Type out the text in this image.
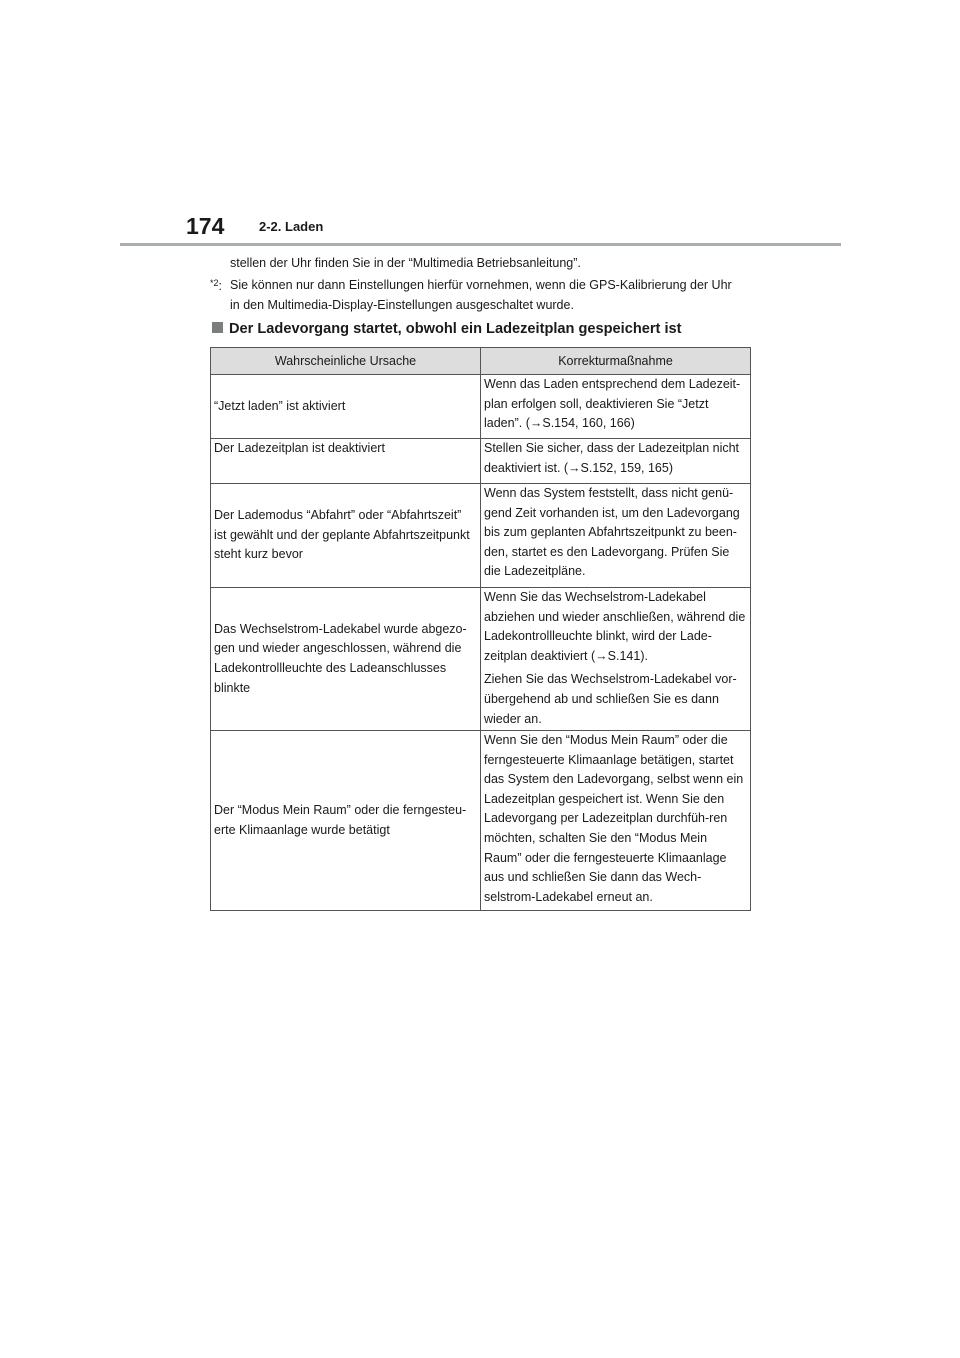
174	2-2. Laden
stellen der Uhr finden Sie in der “Multimedia Betriebsanleitung”.
$^{*2}$: Sie können nur dann Einstellungen hierfür vornehmen, wenn die GPS-Kalibrierung der Uhr
in den Multimedia-Display-Einstellungen ausgeschaltet wurde.
Der Ladevorgang startet, obwohl ein Ladezeitplan gespeichert ist
Wahrscheinliche Ursache	Korrekturmaßnahme
“Jetzt laden” ist aktiviert	Wenn das Laden entsprechend dem Ladezeit-plan erfolgen soll, deaktivieren Sie “Jetzt laden”. (→S.154, 160, 166)

Der Ladezeitplan ist deaktiviert	Stellen Sie sicher, dass der Ladezeitplan nicht deaktiviert ist. (→S.152, 159, 165)

Der Lademodus “Abfahrt” oder “Abfahrtszeit” ist gewählt und der geplante Abfahrtszeitpunkt steht kurz bevor	Wenn das System feststellt, dass nicht genü-gend Zeit vorhanden ist, um den Ladevorgang bis zum geplanten Abfahrtszeitpunkt zu been-den, startet es den Ladevorgang. Prüfen Sie die Ladezeitpläne.

Das Wechselstrom-Ladekabel wurde abgezo-gen und wieder angeschlossen, während die Ladekontrollleuchte des Ladeanschlusses blinkte	Wenn Sie das Wechselstrom-Ladekabel abziehen und wieder anschließen, während die Ladekontrollleuchte blinkt, wird der Lade-zeitplan deaktiviert (→S.141).

Ziehen Sie das Wechselstrom-Ladekabel vor-übergehend ab und schließen Sie es dann wieder an.

Der “Modus Mein Raum” oder die ferngesteu-erte Klimaanlage wurde betätigt	Wenn Sie den “Modus Mein Raum” oder die ferngesteuerte Klimaanlage betätigen, startet das System den Ladevorgang, selbst wenn ein Ladezeitplan gespeichert ist. Wenn Sie den Ladevorgang per Ladezeitplan durchfüh-ren möchten, schalten Sie den “Modus Mein Raum” oder die ferngesteuerte Klimaanlage aus und schließen Sie dann das Wech-selstrom-Ladekabel erneut an.
